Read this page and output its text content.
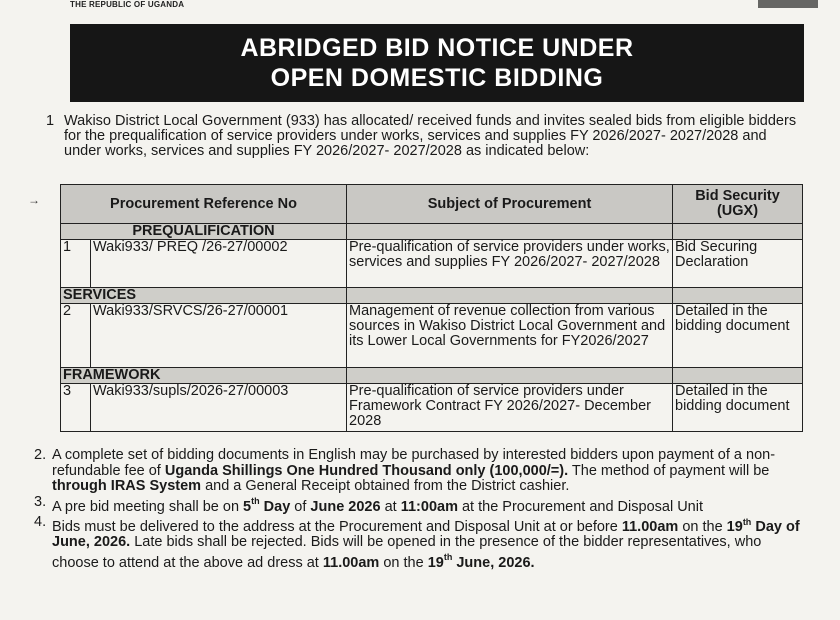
THE REPUBLIC OF UGANDA
ABRIDGED BID NOTICE UNDER
OPEN DOMESTIC BIDDING
1 Wakiso District Local Government (933) has allocated/ received funds and invites sealed bids from eligible bidders for the prequalification of service providers under works, services and supplies FY 2026/2027- 2027/2028 and under works, services and supplies FY 2026/2027- 2027/2028 as indicated below:
→	Procurement Reference No		Subject of Procurement	Bid Security (UGX)
PREQUALIFICATION			
1	Waki933/ PREQ /26-27/00002	Pre-qualification of service providers under works, services and supplies FY 2026/2027- 2027/2028	Bid Securing Declaration
SERVICES			
2	Waki933/SRVCS/26-27/00001	Management of revenue collection from various sources in Wakiso District Local Government and its Lower Local Governments for FY2026/2027	Detailed in the bidding document
FRAMEWORK			
3	Waki933/supls/2026-27/00003	Pre-qualification of service providers under Framework Contract FY 2026/2027- December 2028	Detailed in the bidding document
2. A complete set of bidding documents in English may be purchased by interested bidders upon payment of a non-refundable fee of Uganda Shillings One Hundred Thousand only (100,000/=). The method of payment will be through IRAS System and a General Receipt obtained from the District cashier.
3. A pre bid meeting shall be on 5th Day of June 2026 at 11:00am at the Procurement and Disposal Unit
4. Bids must be delivered to the address at the Procurement and Disposal Unit at or before 11.00am on the 19th Day of June, 2026. Late bids shall be rejected. Bids will be opened in the presence of the bidder representatives, who choose to attend at the above ad dress at 11.00am on the 19th June, 2026.
